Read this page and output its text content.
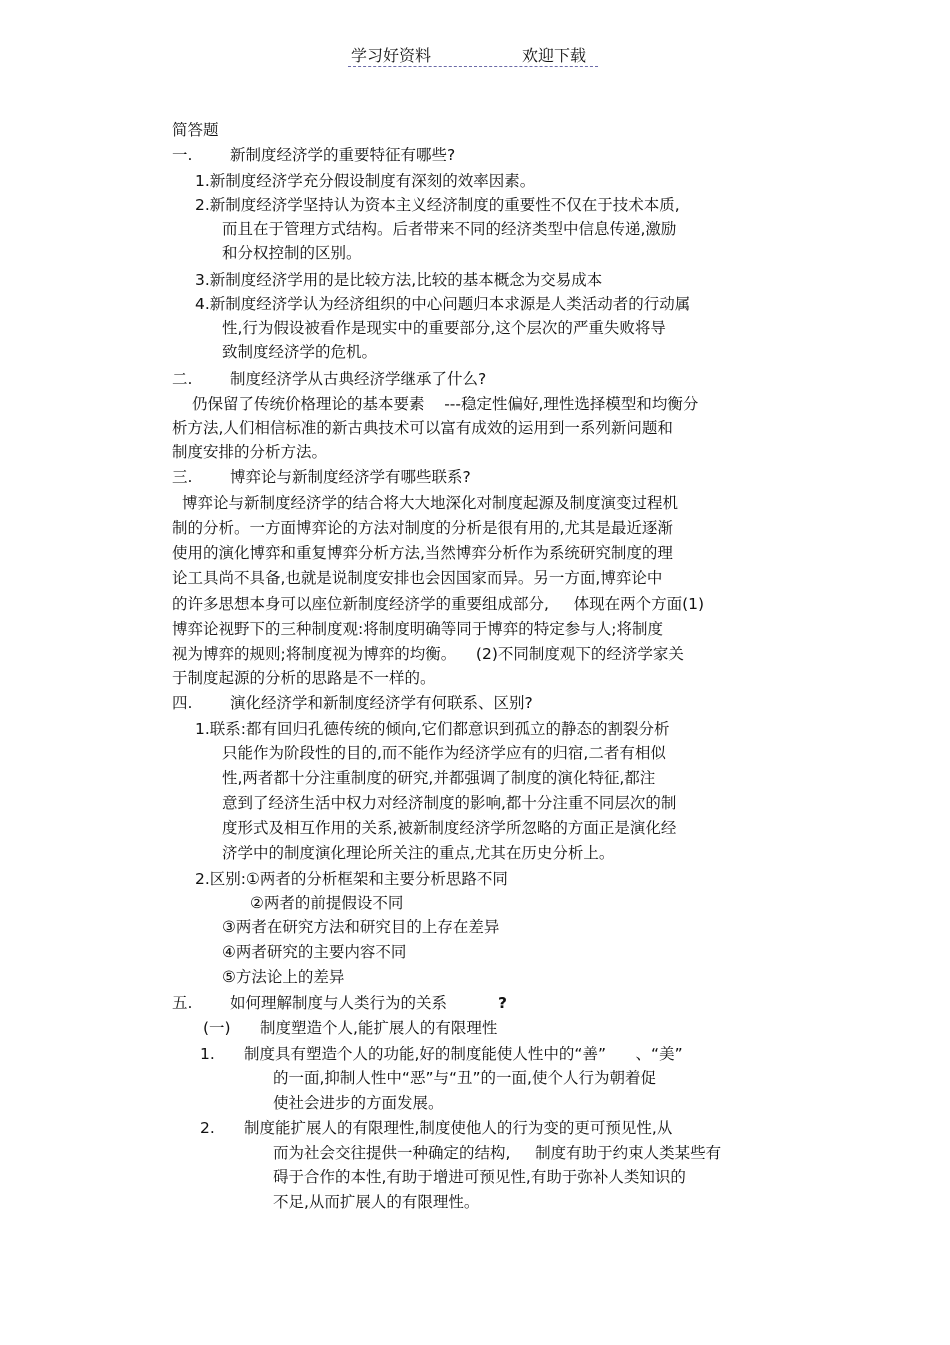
学习好资料	欢迎下载
简答题
一. 新制度经济学的重要特征有哪些?
1.新制度经济学充分假设制度有深刻的效率因素。
2.新制度经济学坚持认为资本主义经济制度的重要性不仅在于技术本质,
而且在于管理方式结构。后者带来不同的经济类型中信息传递,激励
和分权控制的区别。
3.新制度经济学用的是比较方法,比较的基本概念为交易成本
4.新制度经济学认为经济组织的中心问题归本求源是人类活动者的行动属
性,行为假设被看作是现实中的重要部分,这个层次的严重失败将导
致制度经济学的危机。
二. 制度经济学从古典经济学继承了什么?
仍保留了传统价格理论的基本要素    ---稳定性偏好,理性选择模型和均衡分
析方法,人们相信标准的新古典技术可以富有成效的运用到一系列新问题和
制度安排的分析方法。
三. 博弈论与新制度经济学有哪些联系?
博弈论与新制度经济学的结合将大大地深化对制度起源及制度演变过程机
制的分析。一方面博弈论的方法对制度的分析是很有用的,尤其是最近逐渐
使用的演化博弈和重复博弈分析方法,当然博弈分析作为系统研究制度的理
论工具尚不具备,也就是说制度安排也会因国家而异。另一方面,博弈论中
的许多思想本身可以座位新制度经济学的重要组成部分,     体现在两个方面(1)
博弈论视野下的三种制度观:将制度明确等同于博弈的特定参与人;将制度
视为博弈的规则;将制度视为博弈的均衡。    (2)不同制度观下的经济学家关
于制度起源的分析的思路是不一样的。
四. 演化经济学和新制度经济学有何联系、区别?
1.联系:都有回归孔德传统的倾向,它们都意识到孤立的静态的割裂分析
只能作为阶段性的目的,而不能作为经济学应有的归宿,二者有相似
性,两者都十分注重制度的研究,并都强调了制度的演化特征,都注
意到了经济生活中权力对经济制度的影响,都十分注重不同层次的制
度形式及相互作用的关系,被新制度经济学所忽略的方面正是演化经
济学中的制度演化理论所关注的重点,尤其在历史分析上。
2.区别:①两者的分析框架和主要分析思路不同
②两者的前提假设不同
③两者在研究方法和研究目的上存在差异
④两者研究的主要内容不同
⑤方法论上的差异
五. 如何理解制度与人类行为的关系	?
(一) 制度塑造个人,能扩展人的有限理性
1. 制度具有塑造个人的功能,好的制度能使人性中的“善”      、“美”
的一面,抑制人性中“恶”与“丑”的一面,使个人行为朝着促
使社会进步的方面发展。
2. 制度能扩展人的有限理性,制度使他人的行为变的更可预见性,从
而为社会交往提供一种确定的结构,     制度有助于约束人类某些有
碍于合作的本性,有助于增进可预见性,有助于弥补人类知识的
不足,从而扩展人的有限理性。
